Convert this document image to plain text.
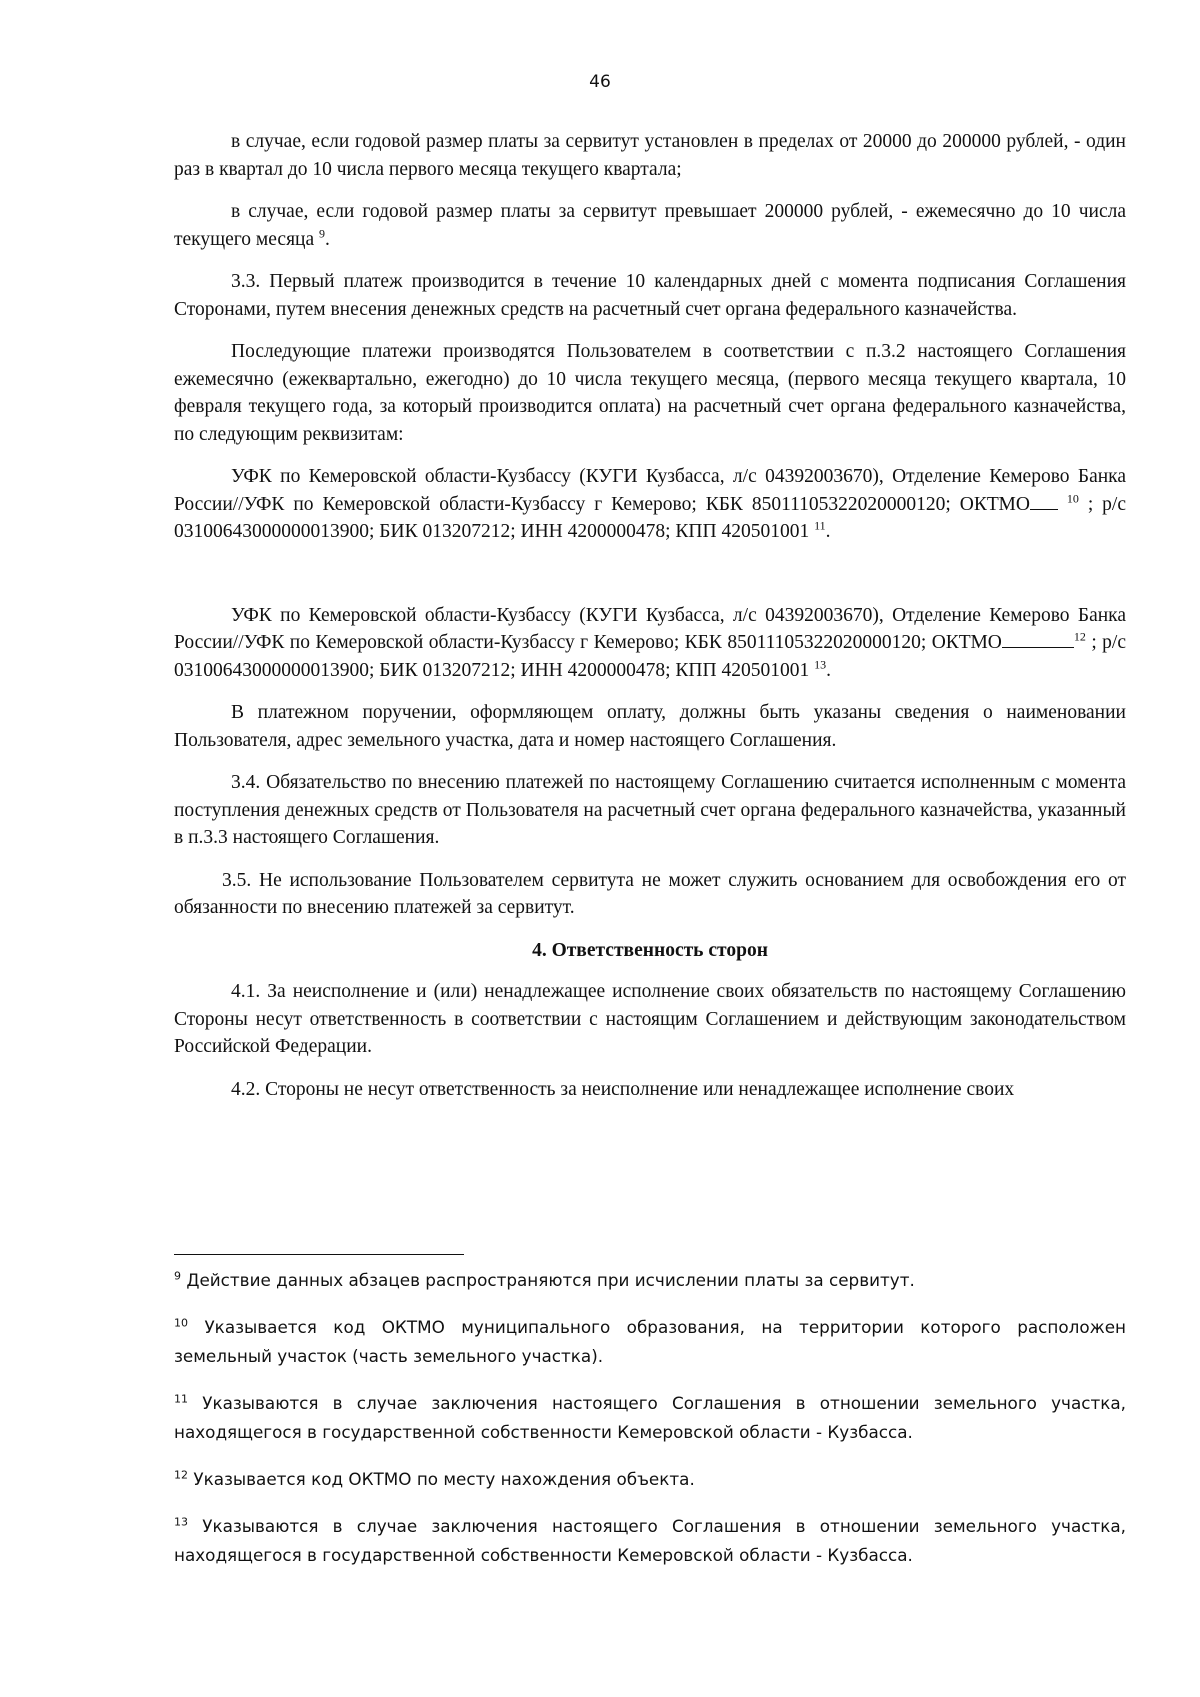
46

в случае, если годовой размер платы за сервитут установлен в пределах от 20000 до 200000 рублей, - один раз в квартал до 10 числа первого месяца текущего квартала;

в случае, если годовой размер платы за сервитут превышает 200000 рублей, - ежемесячно до 10 числа текущего месяца $^9$.

3.3. Первый платеж производится в течение 10 календарных дней с момента подписания Соглашения Сторонами, путем внесения денежных средств на расчетный счет органа федерального казначейства.

Последующие платежи производятся Пользователем в соответствии с п.3.2 настоящего Соглашения ежемесячно (ежеквартально, ежегодно) до 10 числа текущего месяца, (первого месяца текущего квартала, 10 февраля текущего года, за который производится оплата) на расчетный счет органа федерального казначейства, по следующим реквизитам:

УФК по Кемеровской области-Кузбассу (КУГИ Кузбасса, л/с 04392003670), Отделение Кемерово Банка России//УФК по Кемеровской области-Кузбассу г Кемерово; КБК 85011105322020000120; ОКТМО	$^{10}$ ; р/с 03100643000000013900; БИК 013207212; ИНН 4200000478; КПП 420501001 $^{11}$.

УФК по Кемеровской области-Кузбассу (КУГИ Кузбасса, л/с 04392003670), Отделение Кемерово Банка России//УФК по Кемеровской области-Кузбассу г Кемерово; КБК 85011105322020000120; ОКТМО	$^{12}$ ; р/с 03100643000000013900; БИК 013207212; ИНН 4200000478; КПП 420501001 $^{13}$.

В платежном поручении, оформляющем оплату, должны быть указаны сведения о наименовании Пользователя, адрес земельного участка, дата и номер настоящего Соглашения.

3.4. Обязательство по внесению платежей по настоящему Соглашению считается исполненным с момента поступления денежных средств от Пользователя на расчетный счет органа федерального казначейства, указанный в п.3.3 настоящего Соглашения.

3.5. Не использование Пользователем сервитута не может служить основанием для освобождения его от обязанности по внесению платежей за сервитут.

4. Ответственность сторон

4.1. За неисполнение и (или) ненадлежащее исполнение своих обязательств по настоящему Соглашению Стороны несут ответственность в соответствии с настоящим Соглашением и действующим законодательством Российской Федерации.

4.2. Стороны не несут ответственность за неисполнение или ненадлежащее исполнение своих

$^9$ Действие данных абзацев распространяются при исчислении платы за сервитут.

$^{10}$ Указывается код ОКТМО муниципального образования, на территории которого расположен земельный участок (часть земельного участка).

$^{11}$ Указываются в случае заключения настоящего Соглашения в отношении земельного участка, находящегося в государственной собственности Кемеровской области - Кузбасса.

$^{12}$ Указывается код ОКТМО по месту нахождения объекта.

$^{13}$ Указываются в случае заключения настоящего Соглашения в отношении земельного участка, находящегося в государственной собственности Кемеровской области - Кузбасса.
